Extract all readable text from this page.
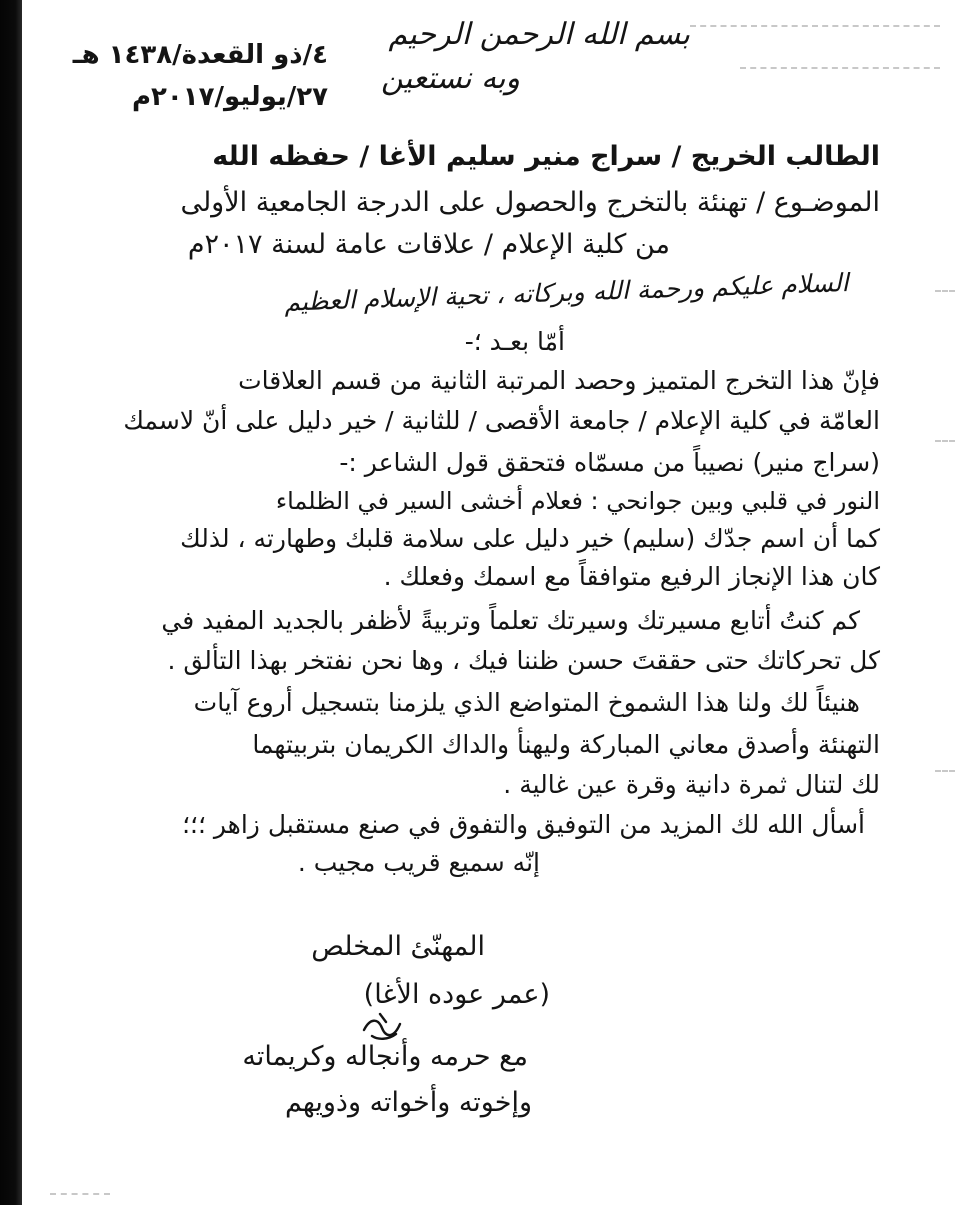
بسم الله الرحمن الرحيم
وبه نستعين
٤/ذو القعدة/١٤٣٨ هـ
٢٧/يوليو/٢٠١٧م
الطالب الخريج / سراج منير سليم الأغا / حفظه الله
الموضـوع / تهنئة بالتخرج والحصول على الدرجة الجامعية الأولى
من كلية الإعلام / علاقات عامة لسنة ٢٠١٧م
السلام عليكم ورحمة الله وبركاته ، تحية الإسلام العظيم
أمّا بعـد ؛-
فإنّ هذا التخرج المتميز وحصد المرتبة الثانية من قسم العلاقات
العامّة في كلية الإعلام / جامعة الأقصى / للثانية / خير دليل على أنّ لاسمك
(سراج منير) نصيباً من مسمّاه فتحقق قول الشاعر :-
النور في قلبي وبين جوانحي : فعلام أخشى السير في الظلماء
كما أن اسم جدّك (سليم) خير دليل على سلامة قلبك وطهارته ، لذلك
كان هذا الإنجاز الرفيع متوافقاً مع اسمك وفعلك .
كم كنتُ أتابع مسيرتك وسيرتك تعلماً وتربيةً لأظفر بالجديد المفيد في
كل تحركاتك حتى حققتَ حسن ظننا فيك ، وها نحن نفتخر بهذا التألق .
هنيئاً لك ولنا هذا الشموخ المتواضع الذي يلزمنا بتسجيل أروع آيات
التهنئة وأصدق معاني المباركة وليهنأ والداك الكريمان بتربيتهما
لك لتنال ثمرة دانية وقرة عين غالية .
أسأل الله لك المزيد من التوفيق والتفوق في صنع مستقبل زاهر ؛؛؛
إنّه سميع قريب مجيب .
المهنّئ المخلص
(عمر عوده الأغا)
مع حرمه وأنجاله وكريماته
وإخوته وأخواته وذويهم
